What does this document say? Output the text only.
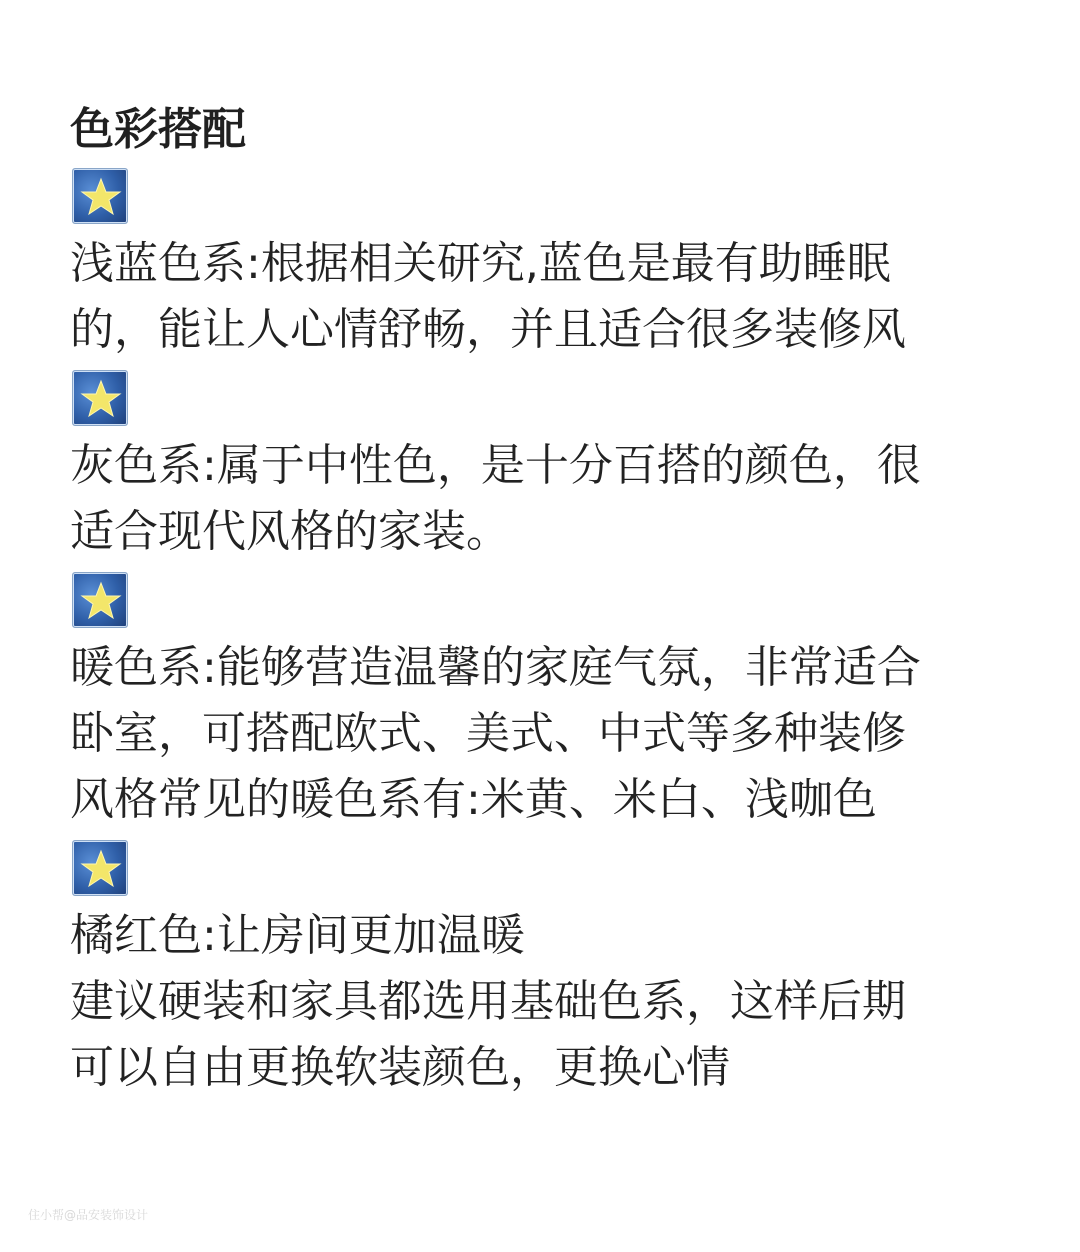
色彩搭配
浅蓝色系:根据相关研究,蓝色是最有助睡眠
的，能让人心情舒畅，并且适合很多装修风
灰色系:属于中性色，是十分百搭的颜色，很
适合现代风格的家装。
暖色系:能够营造温馨的家庭气氛，非常适合
卧室，可搭配欧式、美式、中式等多种装修
风格常见的暖色系有:米黄、米白、浅咖色
橘红色:让房间更加温暖
建议硬装和家具都选用基础色系，这样后期
可以自由更换软装颜色，更换心情
住小帮@品安装饰设计
